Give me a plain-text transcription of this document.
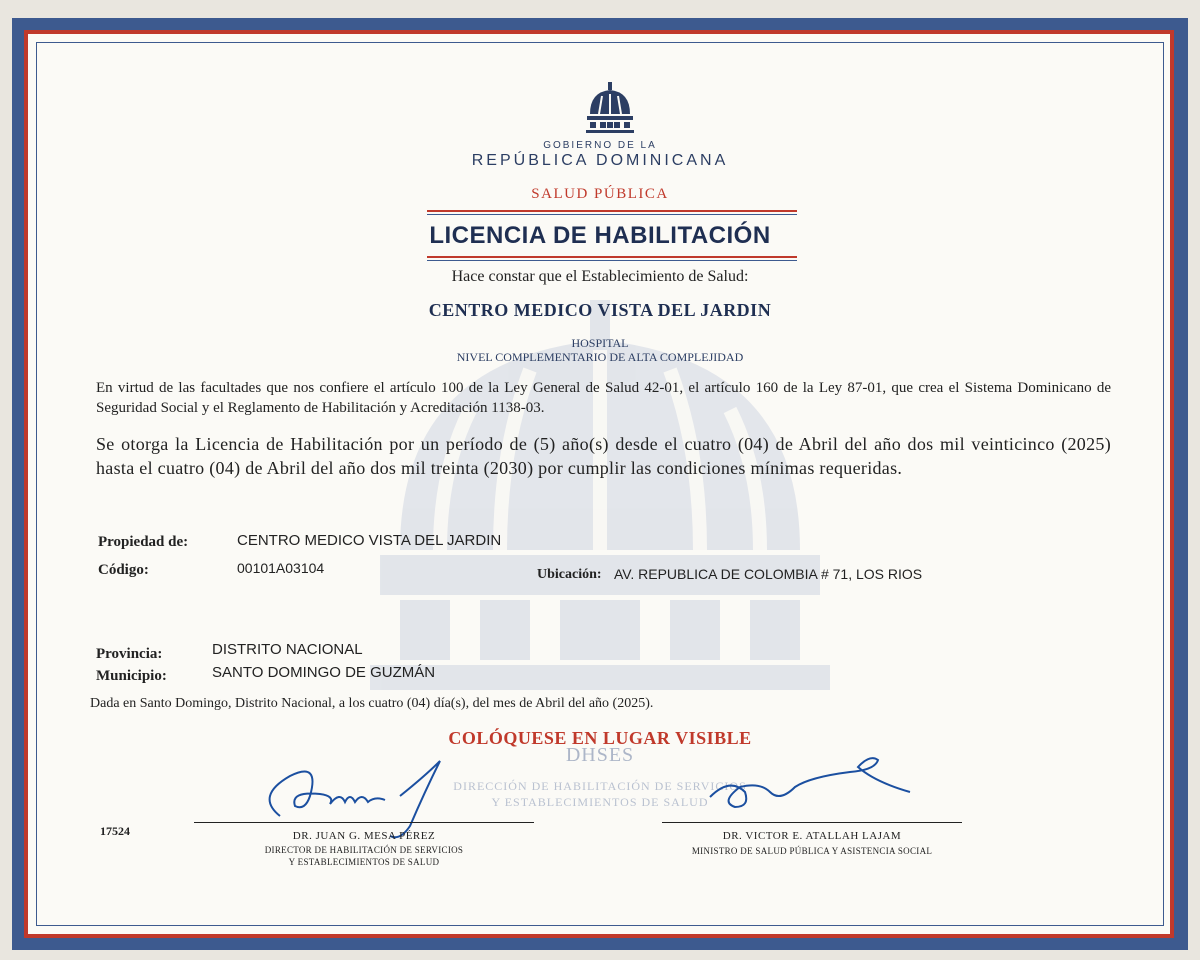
GOBIERNO DE LA
REPÚBLICA DOMINICANA
SALUD PÚBLICA
LICENCIA DE HABILITACIÓN
Hace constar que el Establecimiento de Salud:
CENTRO MEDICO VISTA DEL JARDIN
HOSPITAL
NIVEL COMPLEMENTARIO DE ALTA COMPLEJIDAD
En virtud de las facultades que nos confiere el artículo 100 de la Ley General de Salud 42-01, el artículo 160 de la Ley 87-01, que crea el Sistema Dominicano de Seguridad Social y el Reglamento de Habilitación y Acreditación 1138-03.
Se otorga la Licencia de Habilitación por un período de (5) año(s) desde el cuatro (04) de Abril del año dos mil veinticinco (2025) hasta el cuatro (04) de Abril del año dos mil treinta (2030) por cumplir las condiciones mínimas requeridas.
Propiedad de:	CENTRO MEDICO VISTA DEL JARDIN
Código:	00101A03104	Ubicación: AV. REPUBLICA DE COLOMBIA # 71, LOS RIOS
Provincia:	DISTRITO NACIONAL
Municipio:	SANTO DOMINGO DE GUZMÁN
Dada en Santo Domingo, Distrito Nacional, a los cuatro (04) día(s), del mes de Abril del año (2025).
COLÓQUESE EN LUGAR VISIBLE
DHSES
DIRECCIÓN DE HABILITACIÓN DE SERVICIOS
Y ESTABLECIMIENTOS DE SALUD
17524	DR. JUAN G. MESA PÉREZ
DIRECTOR DE HABILITACIÓN DE SERVICIOS
Y ESTABLECIMIENTOS DE SALUD
DR. VICTOR E. ATALLAH LAJAM
MINISTRO DE SALUD PÚBLICA Y ASISTENCIA SOCIAL
